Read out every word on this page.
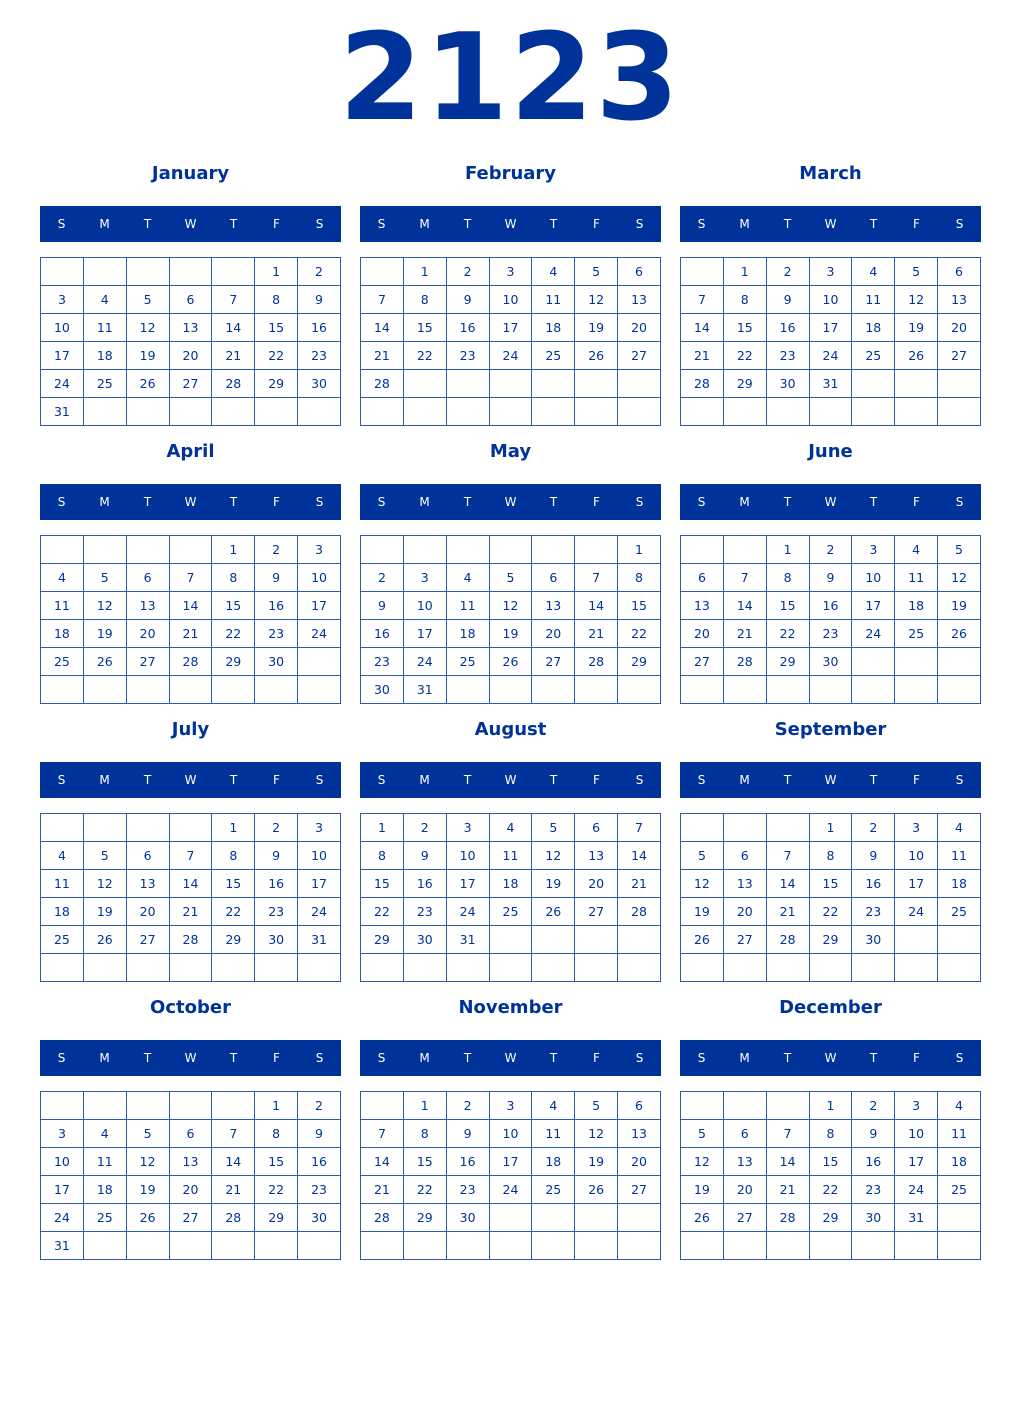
2123
January
S	M	T	W	T	F	S
					1	2
3	4	5	6	7	8	9
10	11	12	13	14	15	16
17	18	19	20	21	22	23
24	25	26	27	28	29	30
31						
February
S	M	T	W	T	F	S
	1	2	3	4	5	6
7	8	9	10	11	12	13
14	15	16	17	18	19	20
21	22	23	24	25	26	27
28						

March
S	M	T	W	T	F	S
	1	2	3	4	5	6
7	8	9	10	11	12	13
14	15	16	17	18	19	20
21	22	23	24	25	26	27
28	29	30	31			

April
S	M	T	W	T	F	S
				1	2	3
4	5	6	7	8	9	10
11	12	13	14	15	16	17
18	19	20	21	22	23	24
25	26	27	28	29	30	

May
S	M	T	W	T	F	S
						1
2	3	4	5	6	7	8
9	10	11	12	13	14	15
16	17	18	19	20	21	22
23	24	25	26	27	28	29
30	31					
June
S	M	T	W	T	F	S
		1	2	3	4	5
6	7	8	9	10	11	12
13	14	15	16	17	18	19
20	21	22	23	24	25	26
27	28	29	30			

July
S	M	T	W	T	F	S
				1	2	3
4	5	6	7	8	9	10
11	12	13	14	15	16	17
18	19	20	21	22	23	24
25	26	27	28	29	30	31

August
S	M	T	W	T	F	S
1	2	3	4	5	6	7
8	9	10	11	12	13	14
15	16	17	18	19	20	21
22	23	24	25	26	27	28
29	30	31				

September
S	M	T	W	T	F	S
			1	2	3	4
5	6	7	8	9	10	11
12	13	14	15	16	17	18
19	20	21	22	23	24	25
26	27	28	29	30		

October
S	M	T	W	T	F	S
					1	2
3	4	5	6	7	8	9
10	11	12	13	14	15	16
17	18	19	20	21	22	23
24	25	26	27	28	29	30
31						
November
S	M	T	W	T	F	S
	1	2	3	4	5	6
7	8	9	10	11	12	13
14	15	16	17	18	19	20
21	22	23	24	25	26	27
28	29	30				

December
S	M	T	W	T	F	S
			1	2	3	4
5	6	7	8	9	10	11
12	13	14	15	16	17	18
19	20	21	22	23	24	25
26	27	28	29	30	31	
